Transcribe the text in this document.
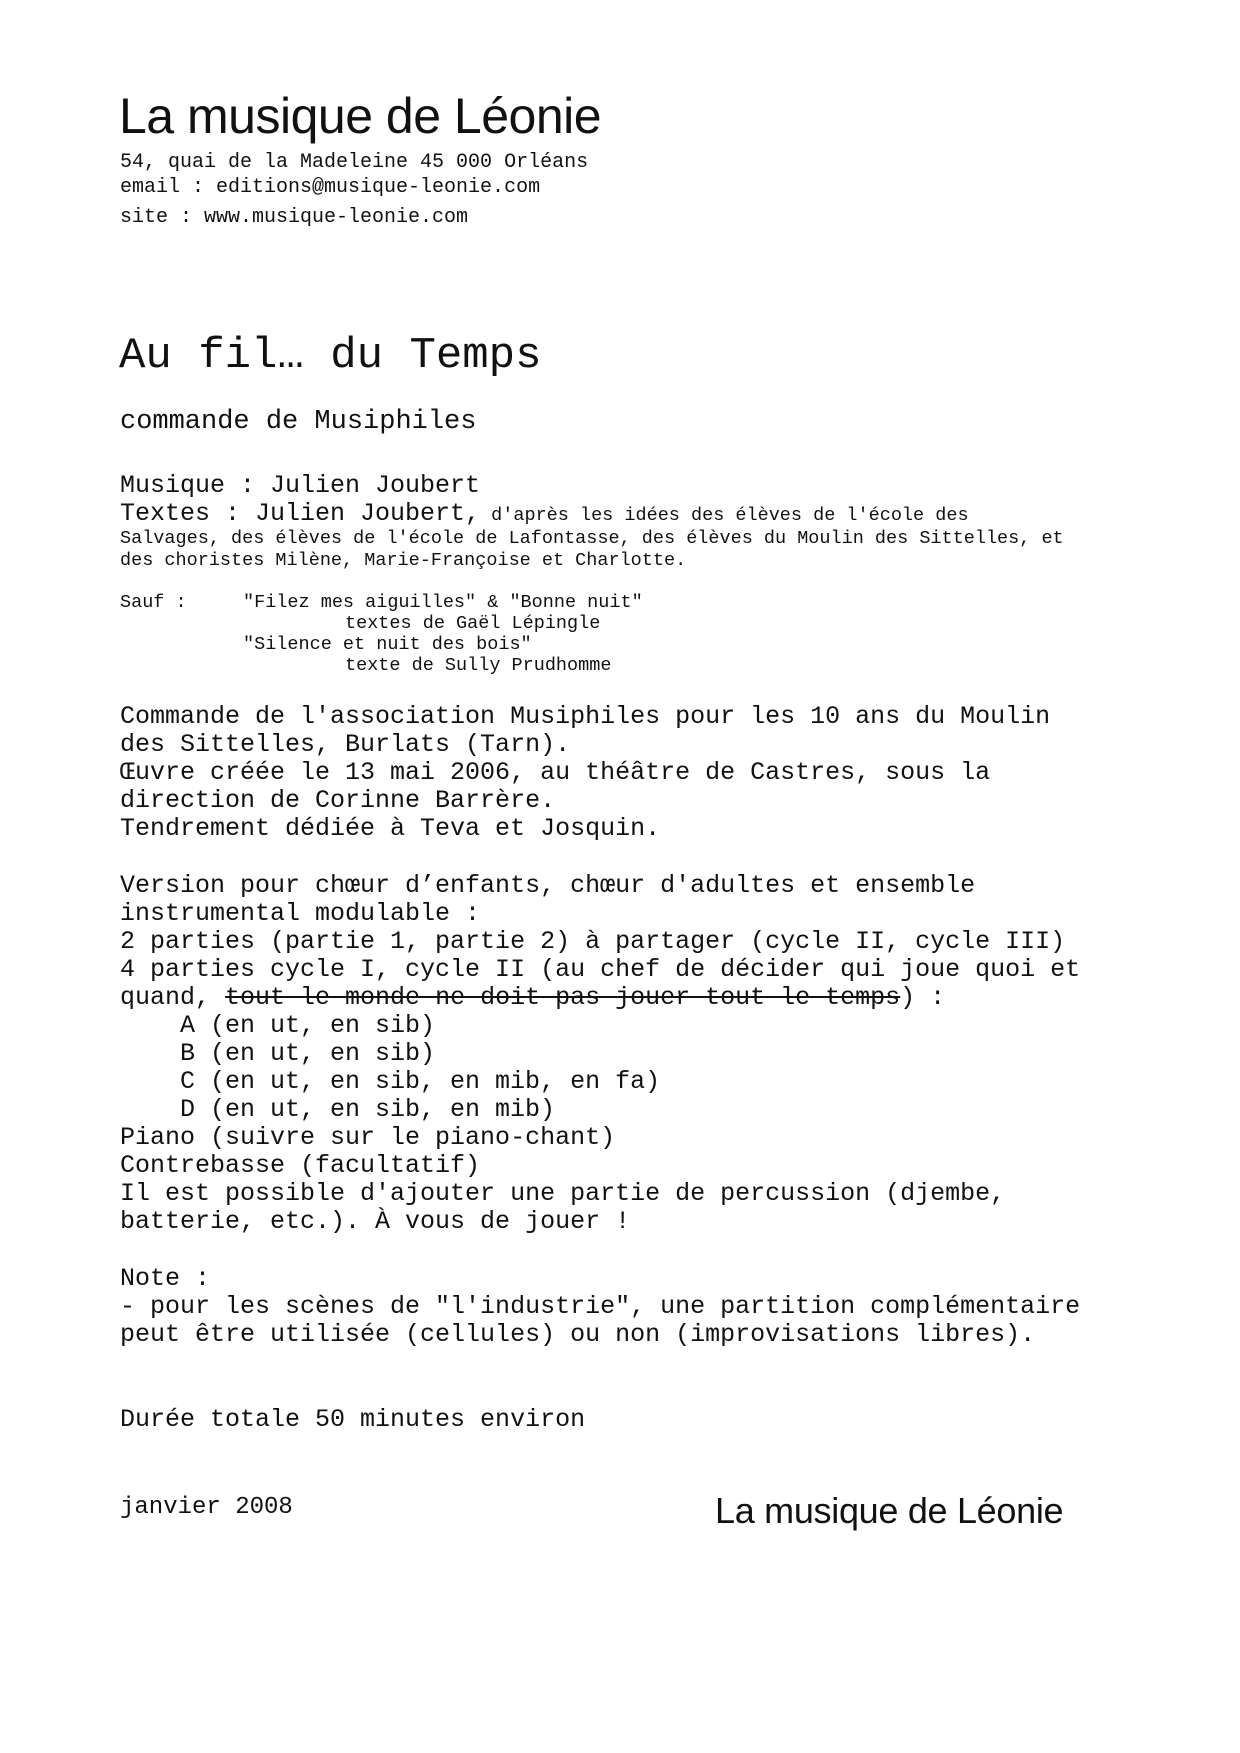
La musique de Léonie
54, quai de la Madeleine 45 000 Orléans
email : editions@musique-leonie.com
site : www.musique-leonie.com
Au fil… du Temps
commande de Musiphiles
Musique : Julien Joubert
Textes : Julien Joubert, d'après les idées des élèves de l'école des
Salvages, des élèves de l'école de Lafontasse, des élèves du Moulin des Sittelles, et
des choristes Milène, Marie-Françoise et Charlotte.
Sauf :	"Filez mes aiguilles" & "Bonne nuit"
textes de Gaël Lépingle
"Silence et nuit des bois"
texte de Sully Prudhomme
Commande de l'association Musiphiles pour les 10 ans du Moulin
des Sittelles, Burlats (Tarn).
Œuvre créée le 13 mai 2006, au théâtre de Castres, sous la
direction de Corinne Barrère.
Tendrement dédiée à Teva et Josquin.
Version pour chœur d’enfants, chœur d'adultes et ensemble
instrumental modulable :
2 parties (partie 1, partie 2) à partager (cycle II, cycle III)
4 parties cycle I, cycle II (au chef de décider qui joue quoi et
quand, tout le monde ne doit pas jouer tout le temps) :
A (en ut, en sib)
B (en ut, en sib)
C (en ut, en sib, en mib, en fa)
D (en ut, en sib, en mib)
Piano (suivre sur le piano-chant)
Contrebasse (facultatif)
Il est possible d'ajouter une partie de percussion (djembe,
batterie, etc.). À vous de jouer !
Note :
- pour les scènes de "l'industrie", une partition complémentaire
peut être utilisée (cellules) ou non (improvisations libres).
Durée totale 50 minutes environ
janvier 2008	La musique de Léonie
